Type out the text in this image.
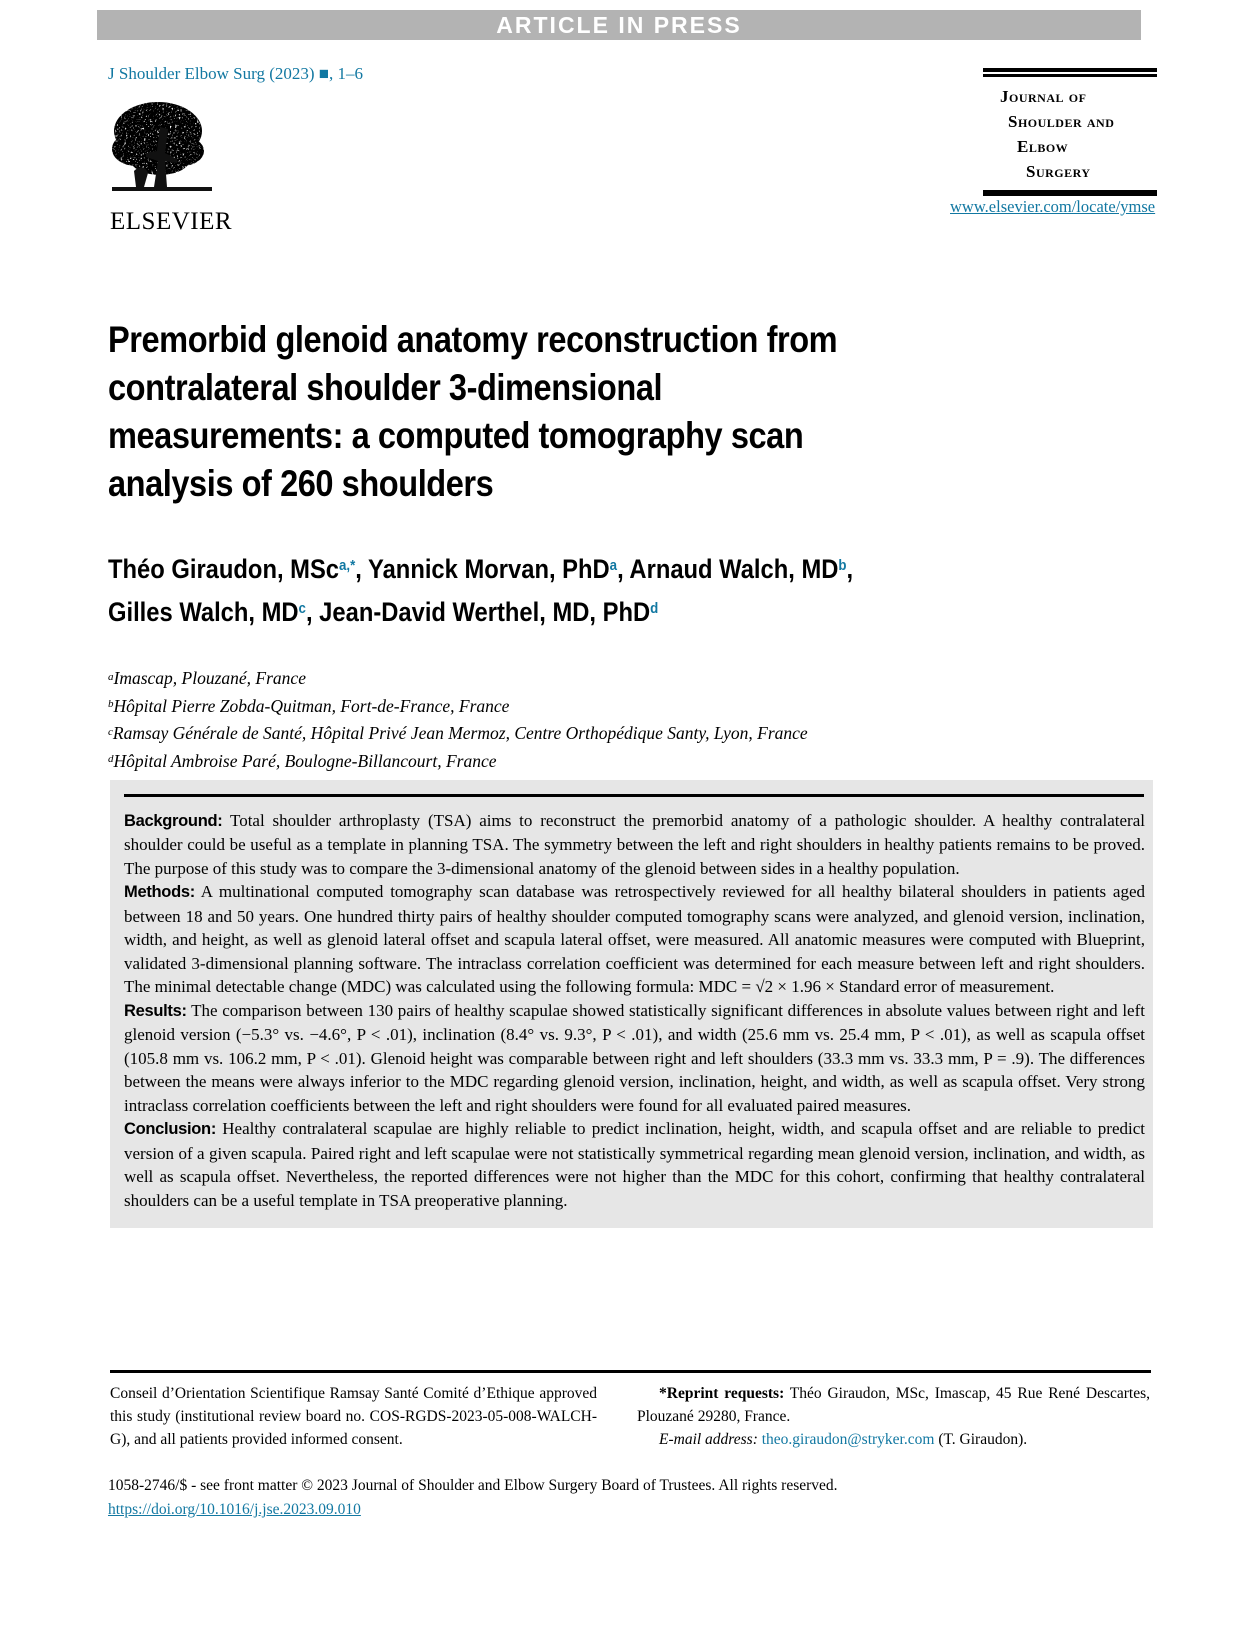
ARTICLE IN PRESS
J Shoulder Elbow Surg (2023) ■, 1–6
ELSEVIER
Journal of
Shoulder and
Elbow
Surgery
www.elsevier.com/locate/ymse
Premorbid glenoid anatomy reconstruction from
contralateral shoulder 3-dimensional
measurements: a computed tomography scan
analysis of 260 shoulders
Théo Giraudon, MSc$^{a,*}$, Yannick Morvan, PhD$^a$, Arnaud Walch, $MD^b$,
Gilles Walch, $MD^c$, Jean-David Werthel, MD, PhD$^d$
$^a$Imascap, Plouzané, France
$^b$Hôpital Pierre Zobda-Quitman, Fort-de-France, France
$^c$Ramsay Générale de Santé, Hôpital Privé Jean Mermoz, Centre Orthopédique Santy, Lyon, France
$^d$Hôpital Ambroise Paré, Boulogne-Billancourt, France

Background: Total shoulder arthroplasty (TSA) aims to reconstruct the premorbid anatomy of a pathologic shoulder. A healthy contralateral shoulder could be useful as a template in planning TSA. The symmetry between the left and right shoulders in healthy patients remains to be proved. The purpose of this study was to compare the 3-dimensional anatomy of the glenoid between sides in a healthy population.

Methods: A multinational computed tomography scan database was retrospectively reviewed for all healthy bilateral shoulders in patients aged between 18 and 50 years. One hundred thirty pairs of healthy shoulder computed tomography scans were analyzed, and glenoid version, inclination, width, and height, as well as glenoid lateral offset and scapula lateral offset, were measured. All anatomic measures were computed with Blueprint, validated 3-dimensional planning software. The intraclass correlation coefficient was determined for each measure between left and right shoulders. The minimal detectable change (MDC) was calculated using the following formula: MDC = √2 × 1.96 × Standard error of measurement.

Results: The comparison between 130 pairs of healthy scapulae showed statistically significant differences in absolute values between right and left glenoid version (−5.3° vs. −4.6°, P < .01), inclination (8.4° vs. 9.3°, P < .01), and width (25.6 mm vs. 25.4 mm, P < .01), as well as scapula offset (105.8 mm vs. 106.2 mm, P < .01). Glenoid height was comparable between right and left shoulders (33.3 mm vs. 33.3 mm, P = .9). The differences between the means were always inferior to the MDC regarding glenoid version, inclination, height, and width, as well as scapula offset. Very strong intraclass correlation coefficients between the left and right shoulders were found for all evaluated paired measures.

Conclusion: Healthy contralateral scapulae are highly reliable to predict inclination, height, width, and scapula offset and are reliable to predict version of a given scapula. Paired right and left scapulae were not statistically symmetrical regarding mean glenoid version, inclination, and width, as well as scapula offset. Nevertheless, the reported differences were not higher than the MDC for this cohort, confirming that healthy contralateral shoulders can be a useful template in TSA preoperative planning.

Conseil d’Orientation Scientifique Ramsay Santé Comité d’Ethique approved this study (institutional review board no. COS-RGDS-2023-05-008-WALCH-G), and all patients provided informed consent.

*Reprint requests: Théo Giraudon, MSc, Imascap, 45 Rue René Descartes, Plouzané 29280, France.

E-mail address: theo.giraudon@stryker.com (T. Giraudon).

1058-2746/$ - see front matter © 2023 Journal of Shoulder and Elbow Surgery Board of Trustees. All rights reserved.
https://doi.org/10.1016/j.jse.2023.09.010
